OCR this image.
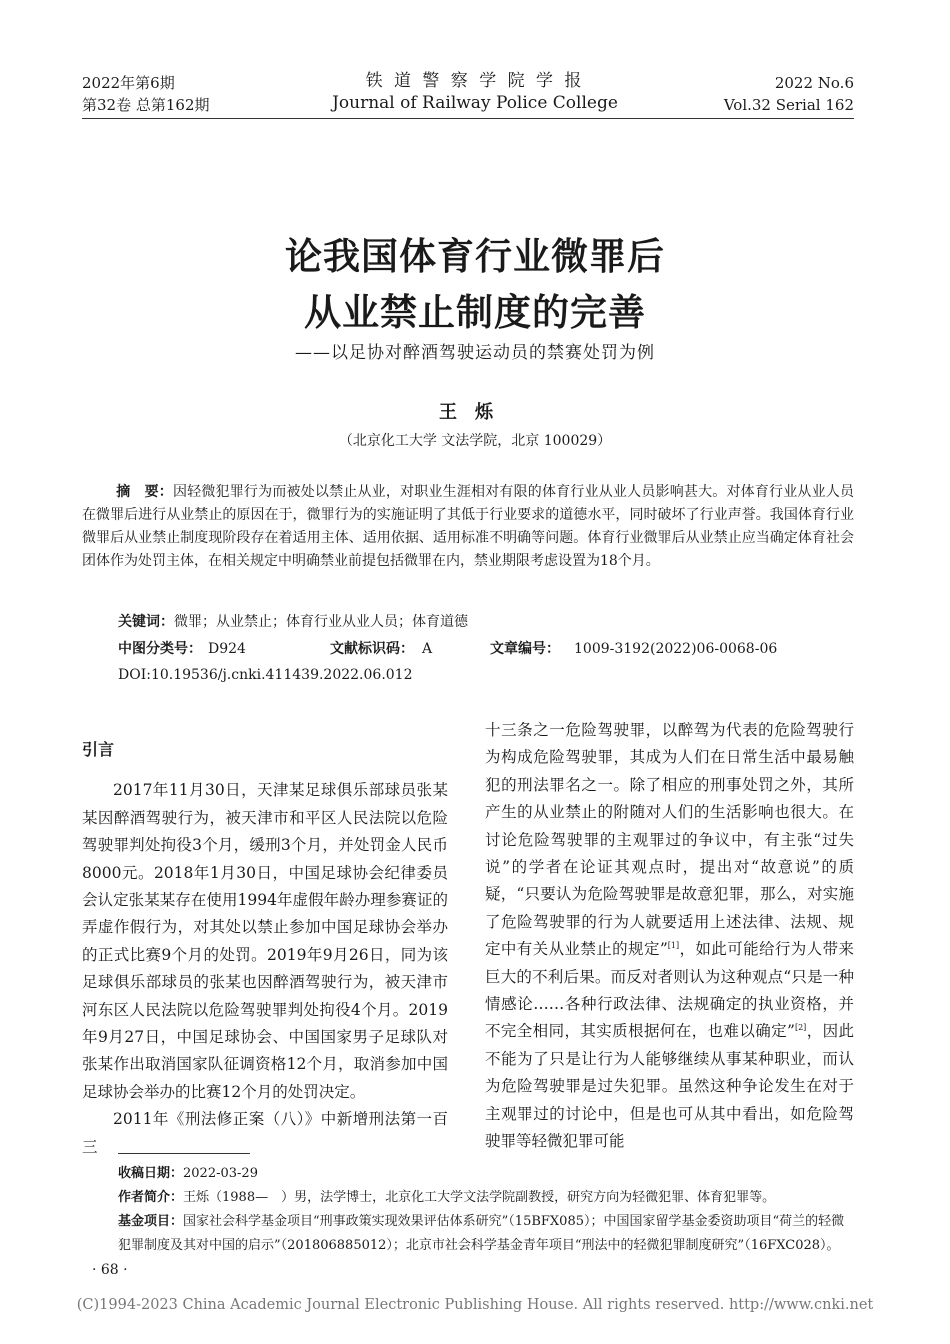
2022年第6期
第32卷 总第162期
铁 道 警 察 学 院 学 报
Journal of Railway Police College
2022 No.6
Vol.32 Serial 162
论我国体育行业微罪后
从业禁止制度的完善
——以足协对醉酒驾驶运动员的禁赛处罚为例
王烁
（北京化工大学 文法学院，北京 100029）
摘　要：因轻微犯罪行为而被处以禁止从业，对职业生涯相对有限的体育行业从业人员影响甚大。对体育行业从业人员在微罪后进行从业禁止的原因在于，微罪行为的实施证明了其低于行业要求的道德水平，同时破坏了行业声誉。我国体育行业微罪后从业禁止制度现阶段存在着适用主体、适用依据、适用标准不明确等问题。体育行业微罪后从业禁止应当确定体育社会团体作为处罚主体，在相关规定中明确禁业前提包括微罪在内，禁业期限考虑设置为18个月。
关键词：微罪；从业禁止；体育行业从业人员；体育道德
中图分类号： D924	文献标识码： A	文章编号： 1009-3192(2022)06-0068-06
DOI:10.19536/j.cnki.411439.2022.06.012

引言

2017年11月30日，天津某足球俱乐部球员张某某因醉酒驾驶行为，被天津市和平区人民法院以危险驾驶罪判处拘役3个月，缓刑3个月，并处罚金人民币8000元。2018年1月30日，中国足球协会纪律委员会认定张某某存在使用1994年虚假年龄办理参赛证的弄虚作假行为，对其处以禁止参加中国足球协会举办的正式比赛9个月的处罚。2019年9月26日，同为该足球俱乐部球员的张某也因醉酒驾驶行为，被天津市河东区人民法院以危险驾驶罪判处拘役4个月。2019年9月27日，中国足球协会、中国国家男子足球队对张某作出取消国家队征调资格12个月，取消参加中国足球协会举办的比赛12个月的处罚决定。

2011年《刑法修正案（八）》中新增刑法第一百三

十三条之一危险驾驶罪，以醉驾为代表的危险驾驶行为构成危险驾驶罪，其成为人们在日常生活中最易触犯的刑法罪名之一。除了相应的刑事处罚之外，其所产生的从业禁止的附随对人们的生活影响也很大。在讨论危险驾驶罪的主观罪过的争议中，有主张“过失说”的学者在论证其观点时，提出对“故意说”的质疑，“只要认为危险驾驶罪是故意犯罪，那么，对实施了危险驾驶罪的行为人就要适用上述法律、法规、规定中有关从业禁止的规定”[1]，如此可能给行为人带来巨大的不利后果。而反对者则认为这种观点“只是一种情感论……各种行政法律、法规确定的执业资格，并不完全相同，其实质根据何在，也难以确定”[2]，因此不能为了只是让行为人能够继续从事某种职业，而认为危险驾驶罪是过失犯罪。虽然这种争论发生在对于主观罪过的讨论中，但是也可从其中看出，如危险驾驶罪等轻微犯罪可能

收稿日期：2022-03-29
作者简介：王烁（1988—　）男，法学博士，北京化工大学文法学院副教授，研究方向为轻微犯罪、体育犯罪等。
基金项目：国家社会科学基金项目“刑事政策实现效果评估体系研究”（15BFX085）；中国国家留学基金委资助项目“荷兰的轻微犯罪制度及其对中国的启示”（201806885012）；北京市社会科学基金青年项目“刑法中的轻微犯罪制度研究”（16FXC028）。
· 68 ·
(C)1994-2023 China Academic Journal Electronic Publishing House. All rights reserved. http://www.cnki.net
